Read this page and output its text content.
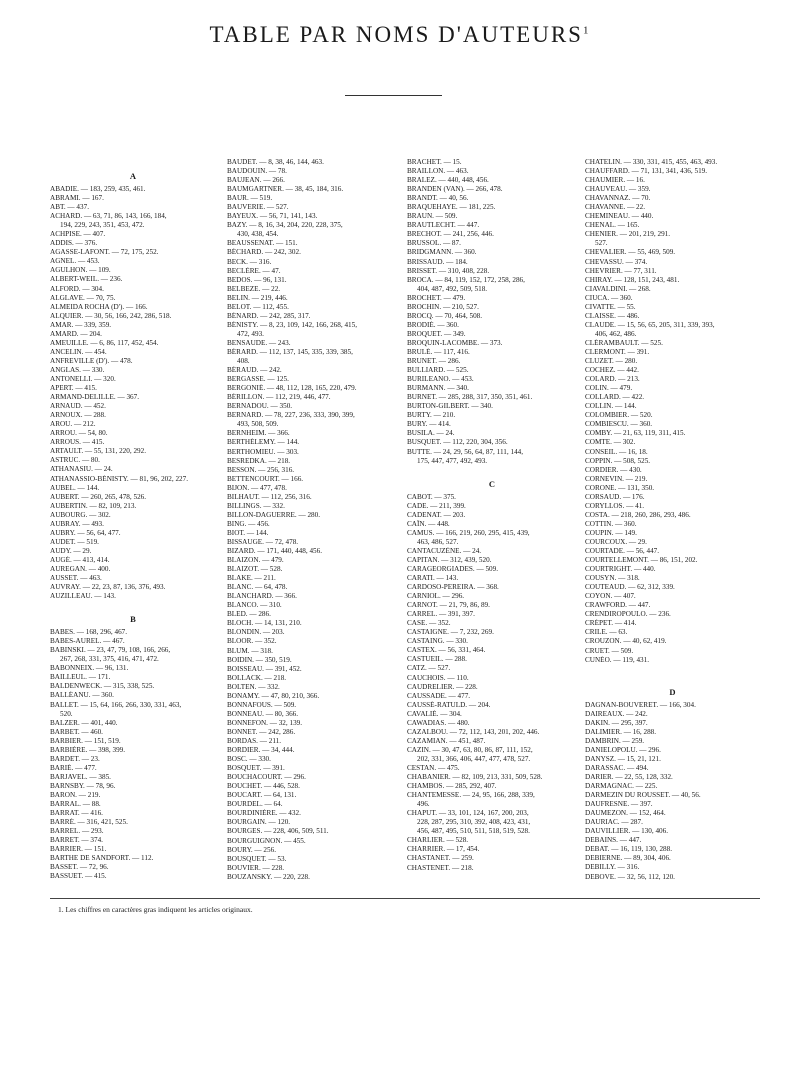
TABLE PAR NOMS D'AUTEURS$^1$
A
ABADIE. — 183, 259, 435, 461.
ABRAMI. — 167.
ABT. — 437.
ACHARD. — 63, 71, 86, 143, 166, 184,
194, 229, 243, 351, 453, 472.
ACHPISE. — 407.
ADDIS. — 376.
AGASSE-LAFONT. — 72, 175, 252.
AGNEL. — 453.
AGULHON. — 109.
ALBERT-WEIL. — 236.
ALFORD. — 304.
ALGLAVE. — 70, 75.
ALMEIDA ROCHA (D'). — 166.
ALQUIER. — 30, 56, 166, 242, 286, 518.
AMAR. — 339, 359.
AMARD. — 204.
AMEUILLE. — 6, 86, 117, 452, 454.
ANCELIN. — 454.
ANFREVILLE (D'). — 478.
ANGLAS. — 330.
ANTONELLI. — 320.
APERT. — 415.
ARMAND-DELILLE. — 367.
ARNAUD. — 452.
ARNOUX. — 288.
AROU. — 212.
ARROU. — 54, 80.
ARROUS. — 415.
ARTAULT. — 55, 131, 220, 292.
ASTRUC. — 80.
ATHANASIU. — 24.
ATHANASSIO-BÉNISTY. — 81, 96, 202, 227.
AUBEL. — 144.
AUBERT. — 260, 265, 478, 526.
AUBERTIN. — 82, 109, 213.
AUBOURG. — 302.
AUBRAY. — 493.
AUBRY. — 56, 64, 477.
AUDET. — 519.
AUDY. — 29.
AUGÉ. — 413, 414.
AUREGAN. — 400.
AUSSET. — 463.
AUVRAY. — 22, 23, 87, 136, 376, 493.
AUZILLEAU. — 143.
B
BABES. — 168, 296, 467.
BABES-AUREL. — 467.
BABINSKI. — 23, 47, 79, 108, 166, 266,
267, 268, 331, 375, 416, 471, 472.
BABONNEIX. — 96, 131.
BAILLEUL. — 171.
BALDENWECK. — 315, 338, 525.
BALLÉANU. — 360.
BALLET. — 15, 64, 166, 266, 330, 331, 463,
520.
BALZER. — 401, 440.
BARBET. — 460.
BARBIER. — 151, 519.
BARBIÈRE. — 398, 399.
BARDET. — 23.
BARIÉ. — 477.
BARJAVEL. — 385.
BARNSBY. — 78, 96.
BARON. — 219.
BARRAL. — 88.
BARRAT. — 416.
BARRÉ. — 316, 421, 525.
BARREL. — 293.
BARRET. — 374.
BARRIER. — 151.
BARTHE DE SANDFORT. — 112.
BASSET. — 72, 96.
BASSUET. — 415.
BAUDET. — 8, 38, 46, 144, 463.
BAUDOUIN. — 78.
BAUJEAN. — 266.
BAUMGARTNER. — 38, 45, 184, 316.
BAUR. — 519.
BAUVERIE. — 527.
BAYEUX. — 56, 71, 141, 143.
BAZY. — 8, 16, 34, 204, 220, 228, 375,
430, 438, 454.
BEAUSSENAT. — 151.
BÉCHARD. — 242, 302.
BECK. — 316.
BECLÈRE. — 47.
BEDOS. — 96, 131.
BELBEZE. — 22.
BELIN. — 219, 446.
BELOT. — 112, 455.
BÉNARD. — 242, 285, 317.
BÉNISTY. — 8, 23, 109, 142, 166, 268, 415,
472, 493.
BENSAUDE. — 243.
BÉRARD. — 112, 137, 145, 335, 339, 385,
408.
BÉRAUD. — 242.
BERGASSE. — 125.
BERGONIÉ. — 48, 112, 128, 165, 220, 479.
BÉRILLON. — 112, 219, 446, 477.
BERNADOU. — 350.
BERNARD. — 78, 227, 236, 333, 390, 399,
493, 508, 509.
BERNHEIM. — 366.
BERTHÉLEMY. — 144.
BERTHOMIEU. — 303.
BESREDKA. — 218.
BESSON. — 256, 316.
BETTENCOURT. — 166.
BIJON. — 477, 478.
BILHAUT. — 112, 256, 316.
BILLINGS. — 332.
BILLON-DAGUERRE. — 280.
BING. — 456.
BIOT. — 144.
BISSAUGE. — 72, 478.
BIZARD. — 171, 440, 448, 456.
BLAIZON. — 479.
BLAIZOT. — 528.
BLAKE. — 211.
BLANC. — 64, 478.
BLANCHARD. — 366.
BLANCO. — 310.
BLED. — 286.
BLOCH. — 14, 131, 210.
BLONDIN. — 203.
BLOOR. — 352.
BLUM. — 318.
BOIDIN. — 350, 519.
BOISSEAU. — 391, 452.
BOLLACK. — 218.
BOLTEN. — 332.
BONAMY. — 47, 80, 210, 366.
BONNAFOUS. — 509.
BONNEAU. — 80, 366.
BONNEFON. — 32, 139.
BONNET. — 242, 286.
BORDAS. — 211.
BORDIER. — 34, 444.
BOSC. — 330.
BOSQUET. — 391.
BOUCHACOURT. — 296.
BOUCHET. — 446, 528.
BOUCART. — 64, 131.
BOURDEL. — 64.
BOURDINIÈRE. — 432.
BOURGAIN. — 120.
BOURGES. — 228, 406, 509, 511.
BOURGUIGNON. — 455.
BOURY. — 256.
BOUSQUET. — 53.
BOUVIER. — 228.
BOUZANSKY. — 220, 228.
BRACHET. — 15.
BRAILLON. — 463.
BRALEZ. — 440, 448, 456.
BRANDEN (VAN). — 266, 478.
BRANDT. — 40, 56.
BRAQUEHAYE. — 181, 225.
BRAUN. — 509.
BRAUTLECHT. — 447.
BRECHOT. — 241, 256, 446.
BRUSSOL. — 87.
BRIDGMANN. — 360.
BRISSAUD. — 184.
BRISSET. — 310, 408, 228.
BROCA. — 84, 119, 152, 172, 258, 286,
404, 487, 492, 509, 518.
BROCHET. — 479.
BROCHIN. — 210, 527.
BROCQ. — 70, 464, 508.
BRODIÉ. — 360.
BROQUET. — 349.
BROQUIN-LACOMBE. — 373.
BRULÉ. — 117, 416.
BRUNET. — 286.
BULLIARD. — 525.
BURILEANO. — 453.
BURMANN. — 340.
BURNET. — 285, 288, 317, 350, 351, 461.
BURTON-GILBERT. — 340.
BURTY. — 210.
BURY. — 414.
BUSILA. — 24.
BUSQUET. — 112, 220, 304, 356.
BUTTE. — 24, 29, 56, 64, 87, 111, 144,
175, 447, 477, 492, 493.
C
CABOT. — 375.
CADE. — 211, 399.
CADENAT. — 203.
CAÏN. — 448.
CAMUS. — 166, 219, 260, 295, 415, 439,
463, 486, 527.
CANTACUZÈNE. — 24.
CAPITAN. — 312, 439, 520.
CARAGEORGIADES. — 509.
CARATI. — 143.
CARDOSO-PEREIRA. — 368.
CARNIOL. — 296.
CARNOT. — 21, 79, 86, 89.
CARREL. — 391, 397.
CASE. — 352.
CASTAIGNE. — 7, 232, 269.
CASTAING. — 330.
CASTEX. — 56, 331, 464.
CASTUEIL. — 288.
CATZ. — 527.
CAUCHOIS. — 110.
CAUDRELIER. — 228.
CAUSSADE. — 477.
CAUSSÉ-RATULD. — 204.
CAVALIÉ. — 304.
CAWADIAS. — 480.
CAZALBOU. — 72, 112, 143, 201, 202, 446.
CAZAMIAN. — 451, 487.
CAZIN. — 30, 47, 63, 80, 86, 87, 111, 152,
202, 331, 366, 406, 447, 477, 478, 527.
CESTAN. — 475.
CHABANIER. — 82, 109, 213, 331, 509, 528.
CHAMBOS. — 285, 292, 407.
CHANTEMESSE. — 24, 95, 166, 288, 339,
496.
CHAPUT. — 33, 101, 124, 167, 200, 203,
228, 287, 295, 310, 392, 408, 423, 431,
456, 487, 495, 510, 511, 518, 519, 528.
CHARLIER. — 528.
CHARRIER. — 17, 454.
CHASTANET. — 259.
CHASTENET. — 218.
CHATELIN. — 330, 331, 415, 455, 463, 493.
CHAUFFARD. — 71, 131, 341, 436, 519.
CHAUMIER. — 16.
CHAUVEAU. — 359.
CHAVANNAZ. — 70.
CHAVANNE. — 22.
CHEMINEAU. — 440.
CHENAL. — 165.
CHENIER. — 201, 219, 291.
527.
CHEVALIER. — 55, 469, 509.
CHEVASSU. — 374.
CHEVRIER. — 77, 311.
CHIRAY. — 128, 151, 243, 481.
CIAVALDINI. — 268.
CIUCA. — 360.
CIVATTE. — 55.
CLAISSE. — 486.
CLAUDE. — 15, 56, 65, 205, 311, 339, 393,
406, 462, 486.
CLÉRAMBAULT. — 525.
CLERMONT. — 391.
CLUZET. — 280.
COCHEZ. — 442.
COLARD. — 213.
COLIN. — 479.
COLLARD. — 422.
COLLIN. — 144.
COLOMBIER. — 520.
COMBIESCU. — 360.
COMBY. — 21, 63, 119, 311, 415.
COMTE. — 302.
CONSEIL. — 16, 18.
COPPIN. — 508, 525.
CORDIER. — 430.
CORNEVIN. — 219.
CORONE. — 131, 350.
CORSAUD. — 176.
CORYLLOS. — 41.
COSTA. — 218, 260, 286, 293, 486.
COTTIN. — 360.
COUPIN. — 149.
COURCOUX. — 29.
COURTADE. — 56, 447.
COURTELLEMONT. — 86, 151, 202.
COURTRIGHT. — 440.
COUSYN. — 318.
COUTEAUD. — 62, 312, 339.
COYON. — 407.
CRAWFORD. — 447.
CRENDIROPOULO. — 236.
CRÉPET. — 414.
CRILE. — 63.
CROUZON. — 40, 62, 419.
CRUET. — 509.
CUNÉO. — 119, 431.
D
DAGNAN-BOUVERET. — 166, 304.
DAIREAUX. — 242.
DAKIN. — 295, 397.
DALIMIER. — 16, 288.
DAMBRIN. — 259.
DANIELOPOLU. — 296.
DANYSZ. — 15, 21, 121.
DARASSAC. — 494.
DARIER. — 22, 55, 128, 332.
DARMAGNAC. — 225.
DARMEZIN DU ROUSSET. — 40, 56.
DAUFRESNE. — 397.
DAUMEZON. — 152, 464.
DAURIAC. — 287.
DAUVILLIER. — 130, 406.
DEBAINS. — 447.
DEBAT. — 16, 119, 130, 288.
DEBIERNE. — 89, 304, 406.
DEBILLY. — 316.
DEBOVE. — 32, 56, 112, 120.
1. Les chiffres en caractères gras indiquent les articles originaux.
